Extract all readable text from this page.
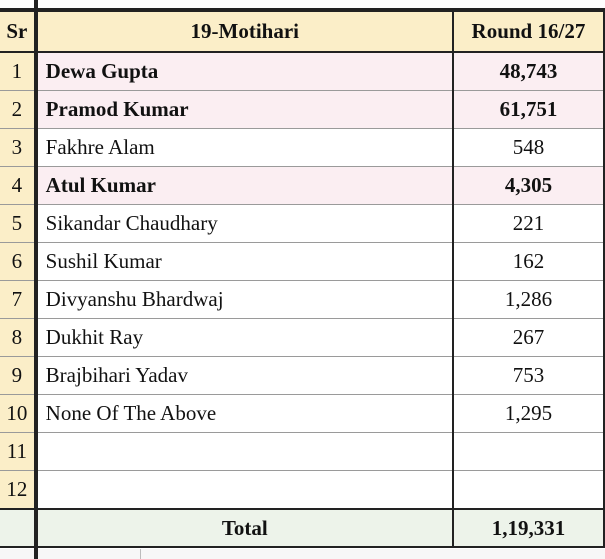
Sr	19-Motihari	Round 16/27
1	Dewa Gupta	48,743
2	Pramod Kumar	61,751
3	Fakhre Alam	548
4	Atul Kumar	4,305
5	Sikandar Chaudhary	221
6	Sushil Kumar	162
7	Divyanshu Bhardwaj	1,286
8	Dukhit Ray	267
9	Brajbihari Yadav	753
10	None Of The Above	1,295
11		
12		
	Total	1,19,331
